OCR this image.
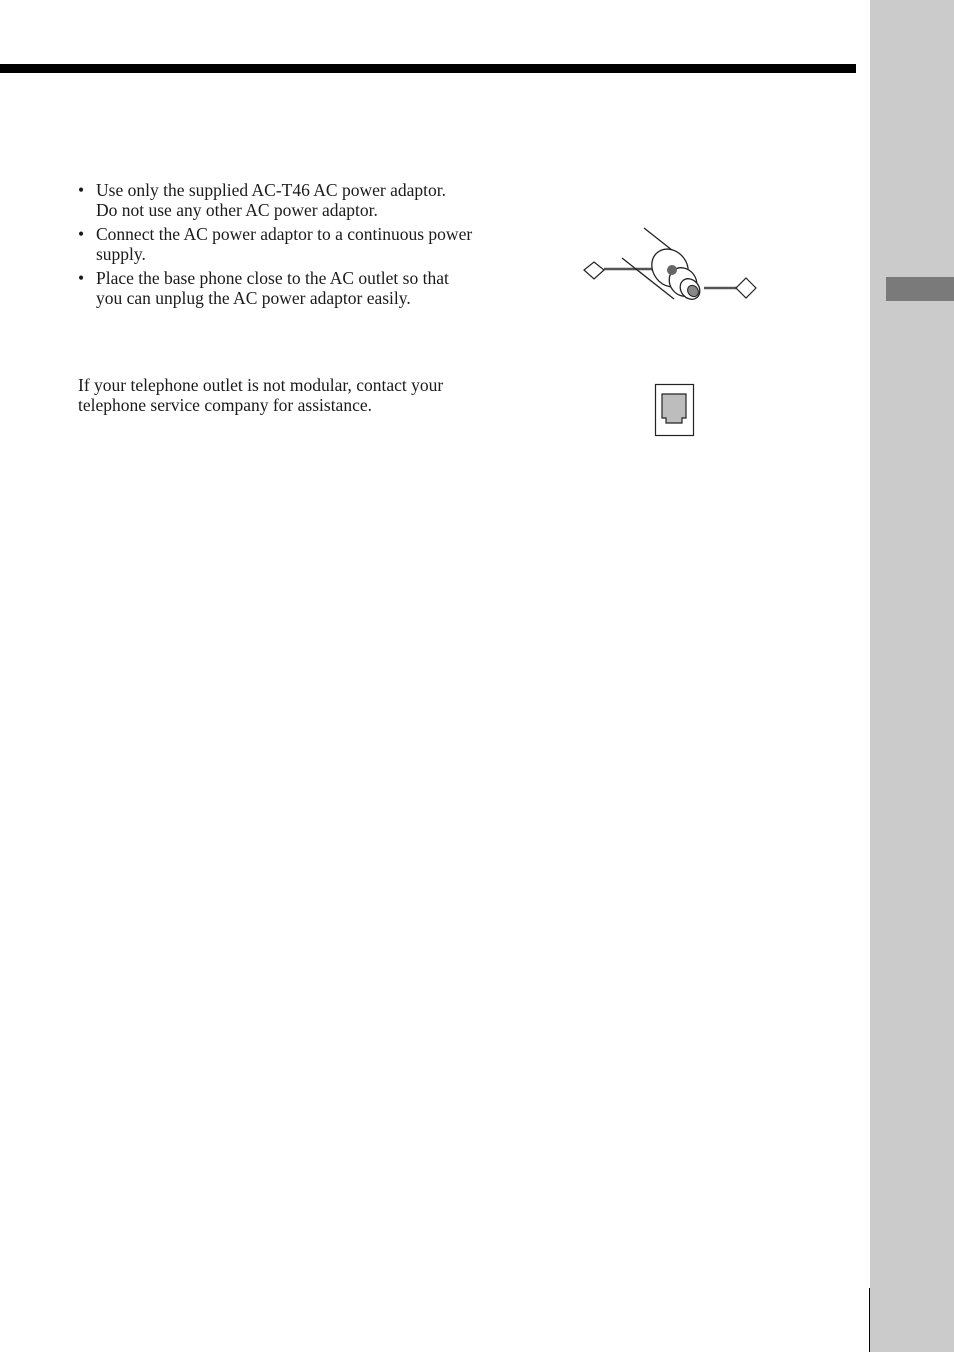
• Use only the supplied AC-T46 AC power adaptor.
Do not use any other AC power adaptor.
• Connect the AC power adaptor to a continuous power
supply.
• Place the base phone close to the AC outlet so that
you can unplug the AC power adaptor easily.

If your telephone outlet is not modular, contact your
telephone service company for assistance.
